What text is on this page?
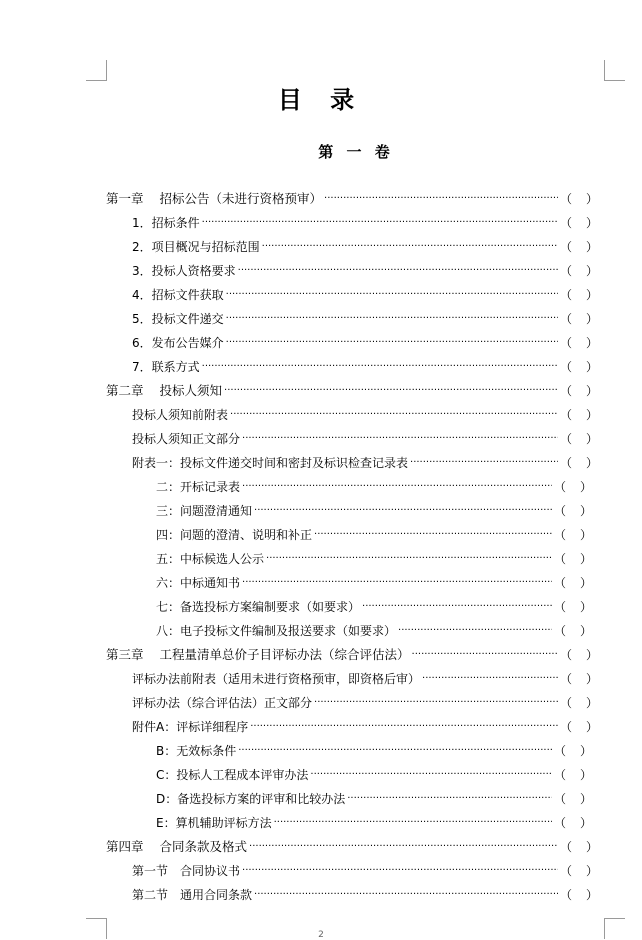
目 录
第 一 卷
第一章 招标公告（未进行资格预审） ·····	（ ）
1．招标条件 ·····	（ ）
2．项目概况与招标范围 ·····	（ ）
3．投标人资格要求 ·····	（ ）
4．招标文件获取 ·····	（ ）
5．投标文件递交 ·····	（ ）
6．发布公告媒介 ·····	（ ）
7．联系方式 ·····	（ ）
第二章 投标人须知 ·····	（ ）
投标人须知前附表 ·····	（ ）
投标人须知正文部分 ·····	（ ）
附表一：投标文件递交时间和密封及标识检查记录表 ·····	（ ）
二：开标记录表 ·····	（ ）
三：问题澄清通知 ·····	（ ）
四：问题的澄清、说明和补正 ·····	（ ）
五：中标候选人公示 ·····	（ ）
六：中标通知书 ·····	（ ）
七：备选投标方案编制要求（如要求） ·····	（ ）
八：电子投标文件编制及报送要求（如要求） ·····	（ ）
第三章 工程量清单总价子目评标办法（综合评估法） ·····	（ ）
评标办法前附表（适用未进行资格预审，即资格后审） ·····	（ ）
评标办法（综合评估法）正文部分 ·····	（ ）
附件A：评标详细程序 ·····	（ ）
B：无效标条件 ·····	（ ）
C：投标人工程成本评审办法 ·····	（ ）
D：备选投标方案的评审和比较办法 ·····	（ ）
E：算机辅助评标方法 ·····	（ ）
第四章 合同条款及格式 ·····	（ ）
第一节　合同协议书 ·····	（ ）
第二节　通用合同条款 ·····	（ ）
2
